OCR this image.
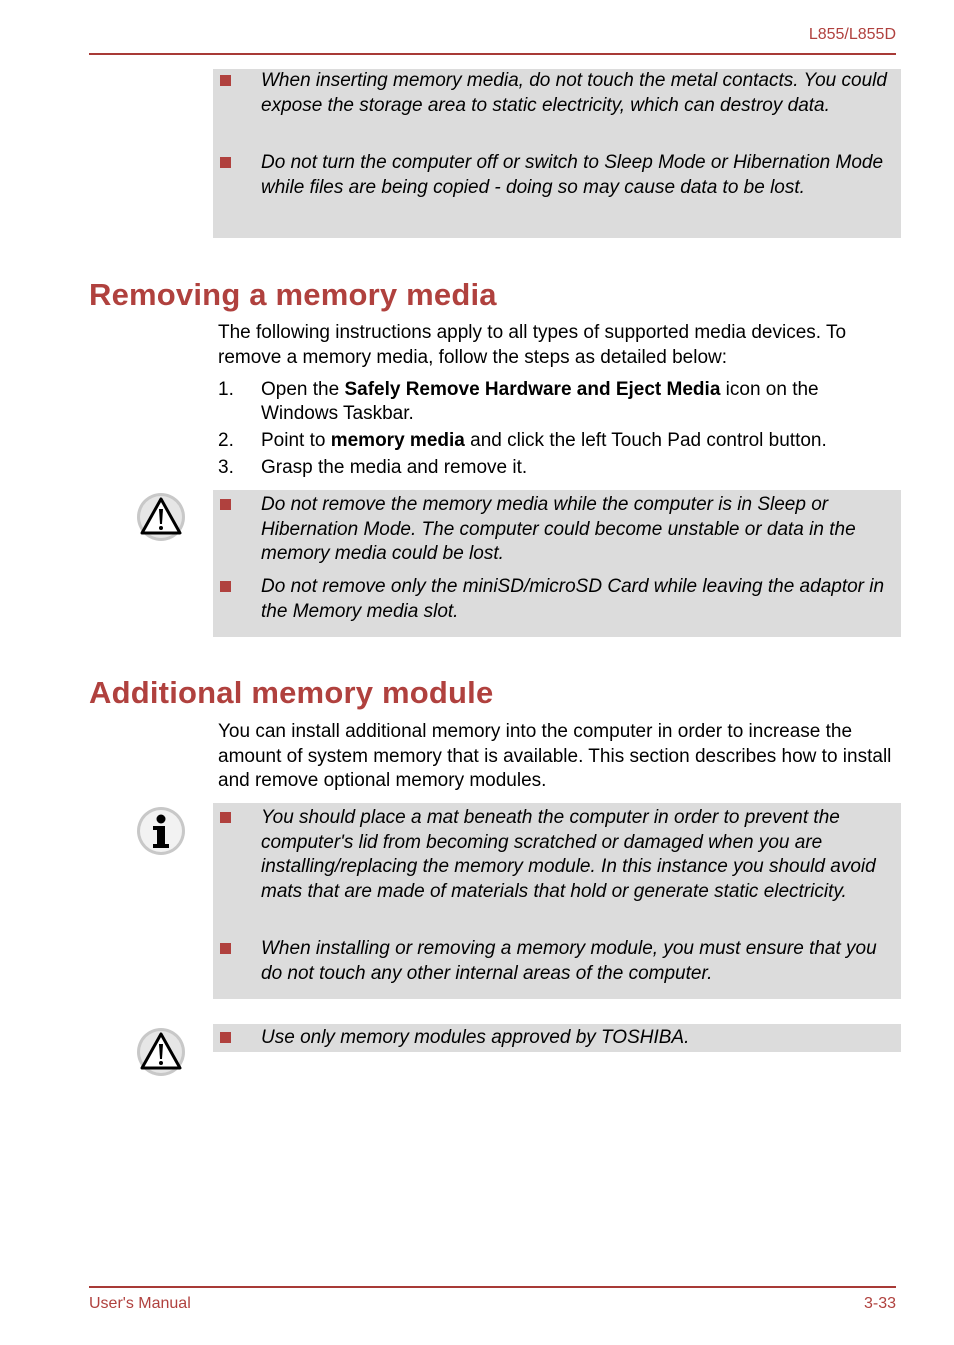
L855/L855D
When inserting memory media, do not touch the metal contacts. You could expose the storage area to static electricity, which can destroy data.
Do not turn the computer off or switch to Sleep Mode or Hibernation Mode while files are being copied - doing so may cause data to be lost.
Removing a memory media
The following instructions apply to all types of supported media devices. To remove a memory media, follow the steps as detailed below:
1.	Open the Safely Remove Hardware and Eject Media icon on the Windows Taskbar.
2.	Point to memory media and click the left Touch Pad control button.
3.	Grasp the media and remove it.
Do not remove the memory media while the computer is in Sleep or Hibernation Mode. The computer could become unstable or data in the memory media could be lost.
Do not remove only the miniSD/microSD Card while leaving the adaptor in the Memory media slot.
Additional memory module
You can install additional memory into the computer in order to increase the amount of system memory that is available. This section describes how to install and remove optional memory modules.
You should place a mat beneath the computer in order to prevent the computer's lid from becoming scratched or damaged when you are installing/replacing the memory module. In this instance you should avoid mats that are made of materials that hold or generate static electricity.
When installing or removing a memory module, you must ensure that you do not touch any other internal areas of the computer.
Use only memory modules approved by TOSHIBA.
User's Manual	3-33
